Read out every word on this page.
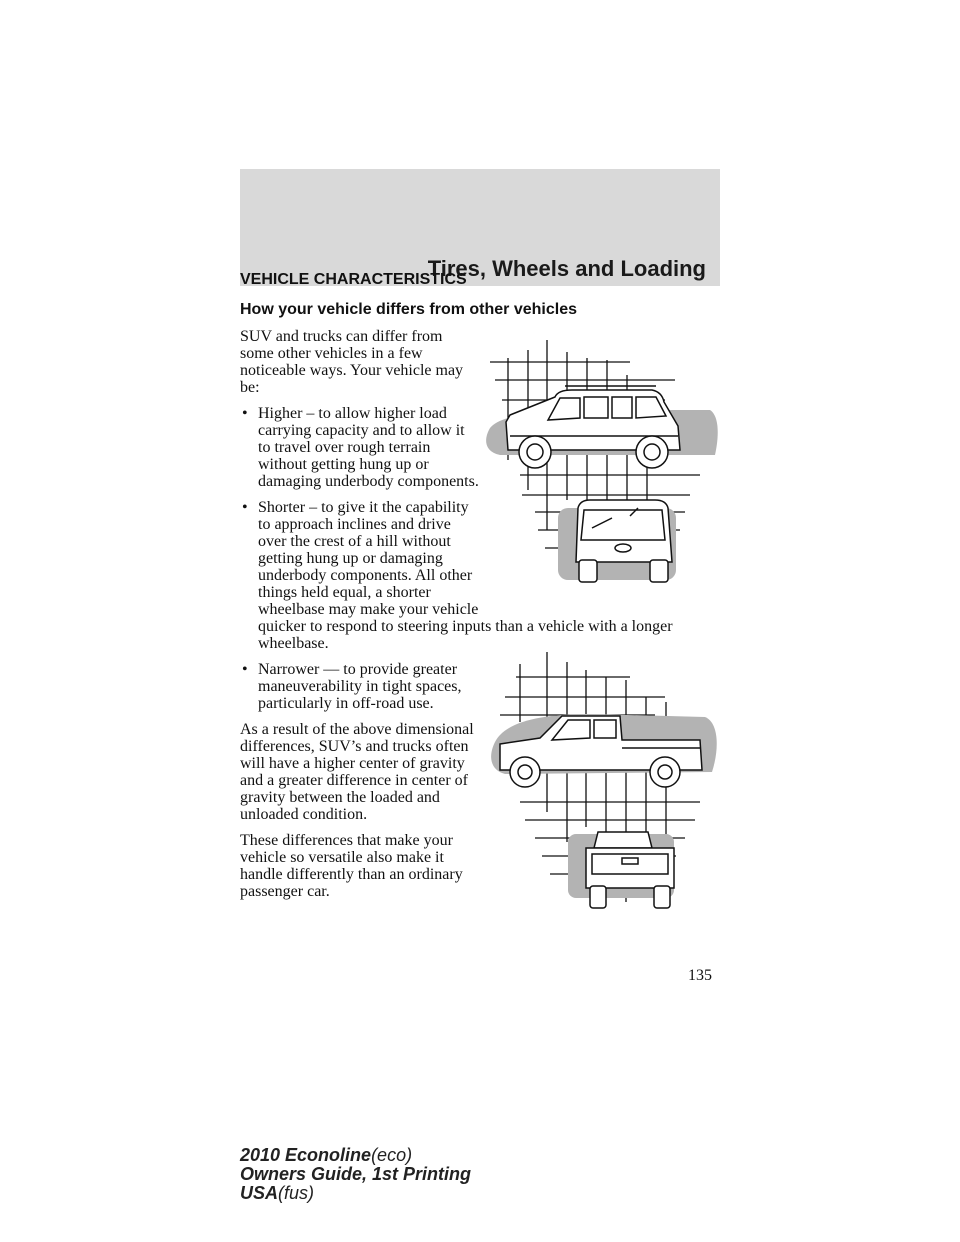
Tires, Wheels and Loading
VEHICLE CHARACTERISTICS
How your vehicle differs from other vehicles

SUV and trucks can differ from
some other vehicles in a few
noticeable ways. Your vehicle may
be:

• Higher – to allow higher load
carrying capacity and to allow it
to travel over rough terrain
without getting hung up or
damaging underbody components.
• Shorter – to give it the capability
to approach inclines and drive
over the crest of a hill without
getting hung up or damaging
underbody components. All other
things held equal, a shorter
wheelbase may make your vehicle
quicker to respond to steering inputs than a vehicle with a longer
wheelbase.
• Narrower — to provide greater
maneuverability in tight spaces,
particularly in off-road use.

As a result of the above dimensional
differences, SUV’s and trucks often
will have a higher center of gravity
and a greater difference in center of
gravity between the loaded and
unloaded condition.

These differences that make your
vehicle so versatile also make it
handle differently than an ordinary
passenger car.

135
2010 Econoline(eco)
Owners Guide, 1st Printing
USA(fus)
